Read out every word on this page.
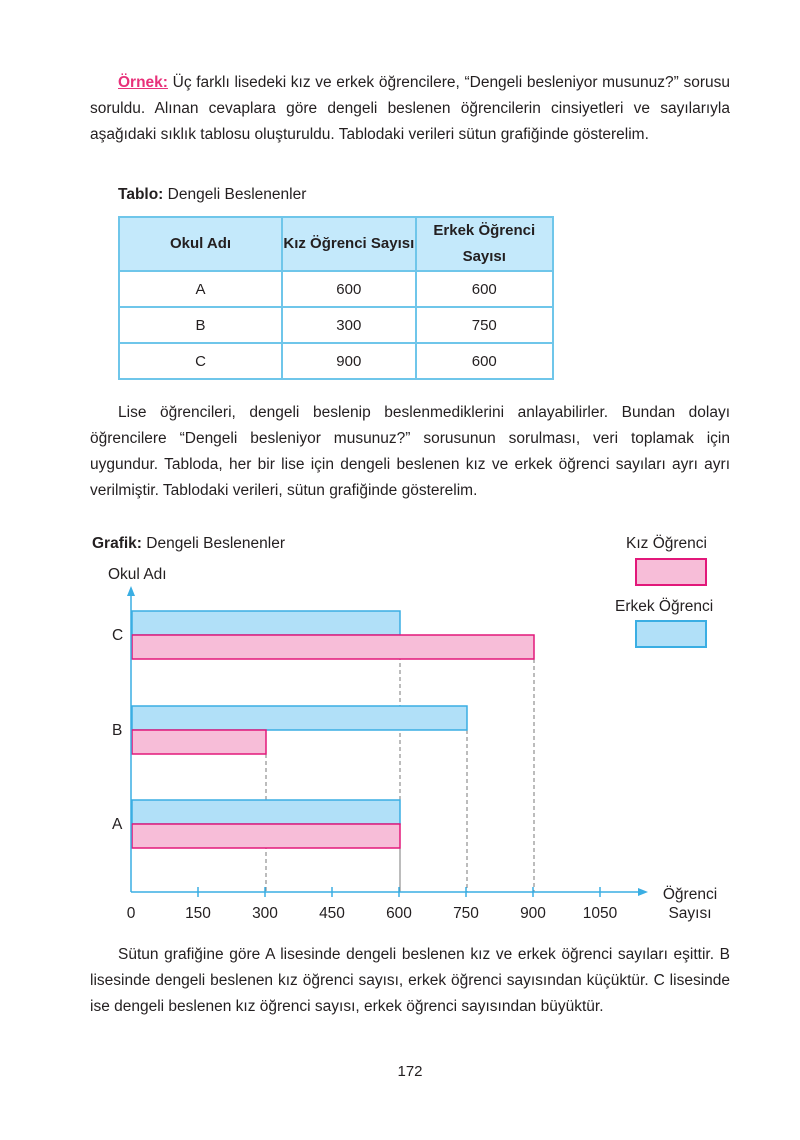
Örnek: Üç farklı lisedeki kız ve erkek öğrencilere, “Dengeli besleniyor musunuz?” sorusu soruldu. Alınan cevaplara göre dengeli beslenen öğrencilerin cinsiyetleri ve sayılarıyla aşağıdaki sıklık tablosu oluşturuldu. Tablodaki verileri sütun grafiğinde gösterelim.

Tablo: Dengeli Beslenenler
Okul Adı	Kız Öğrenci Sayısı	Erkek Öğrenci Sayısı
A	600	600
B	300	750
C	900	600

Lise öğrencileri, dengeli beslenip beslenmediklerini anlayabilirler. Bundan dolayı öğrencilere “Dengeli besleniyor musunuz?” sorusunun sorulması, veri toplamak için uygundur. Tabloda, her bir lise için dengeli beslenen kız ve erkek öğrenci sayıları ayrı ayrı verilmiştir. Tablodaki verileri, sütun grafiğinde gösterelim.

Grafik: Dengeli Beslenenler	Kız Öğrenci
Erkek Öğrenci
0	150	300	450	600	750	900 1050
A
B
C
Okul Adı
Öğrenci Sayısı

Sütun grafiğine göre A lisesinde dengeli beslenen kız ve erkek öğrenci sayıları eşittir. B lisesinde dengeli beslenen kız öğrenci sayısı, erkek öğrenci sayısından küçüktür. C lisesinde ise dengeli beslenen kız öğrenci sayısı, erkek öğrenci sayısından büyüktür.

172
